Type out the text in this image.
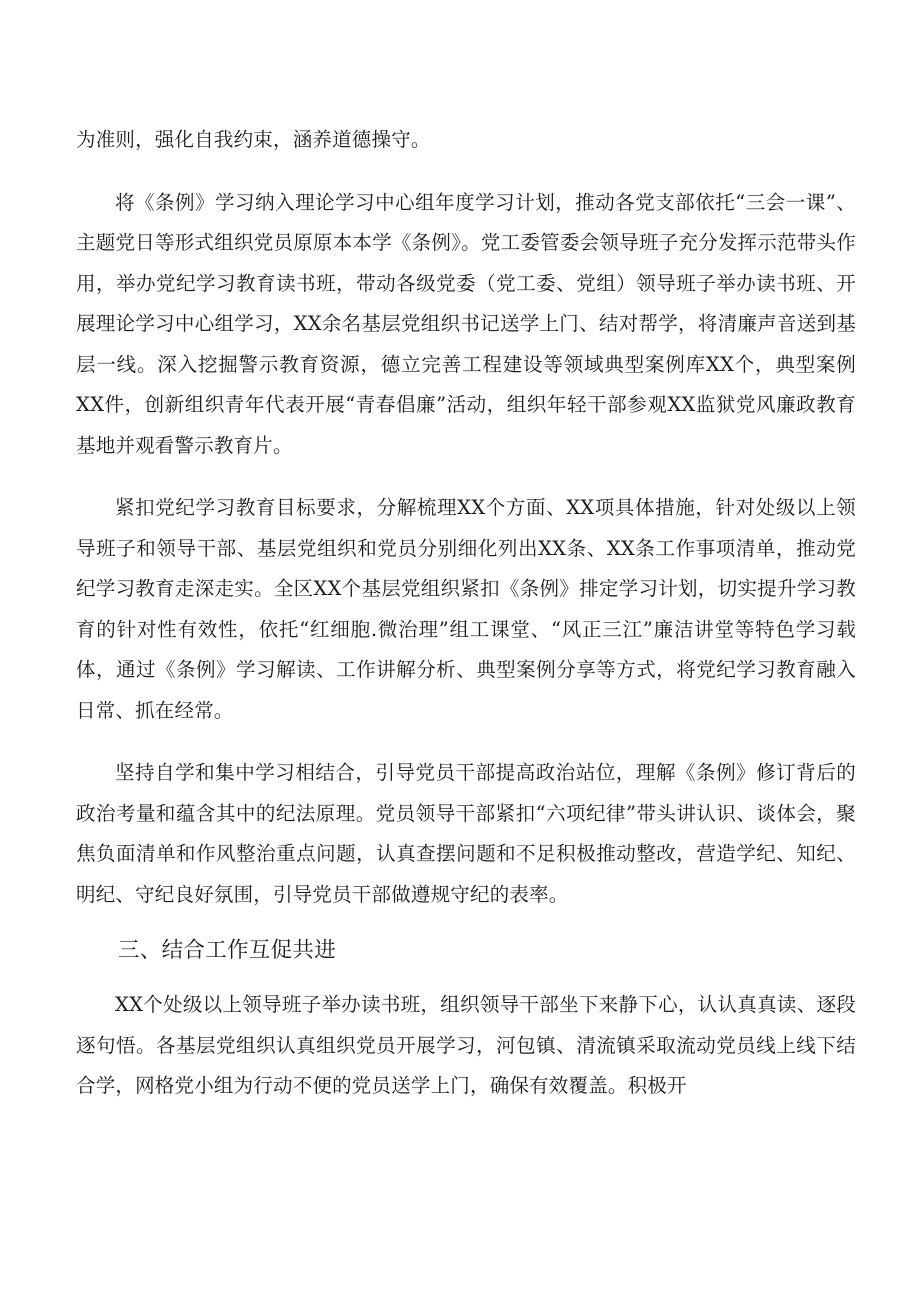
为准则，强化自我约束，涵养道德操守。

将《条例》学习纳入理论学习中心组年度学习计划，推动各党支部依托“三会一课”、主题党日等形式组织党员原原本本学《条例》。党工委管委会领导班子充分发挥示范带头作用，举办党纪学习教育读书班，带动各级党委（党工委、党组）领导班子举办读书班、开展理论学习中心组学习，XX余名基层党组织书记送学上门、结对帮学，将清廉声音送到基层一线。深入挖掘警示教育资源，德立完善工程建设等领域典型案例库XX个，典型案例XX件，创新组织青年代表开展“青春倡廉”活动，组织年轻干部参观XX监狱党风廉政教育基地并观看警示教育片。

紧扣党纪学习教育目标要求，分解梳理XX个方面、XX项具体措施，针对处级以上领导班子和领导干部、基层党组织和党员分别细化列出XX条、XX条工作事项清单，推动党纪学习教育走深走实。全区XX个基层党组织紧扣《条例》排定学习计划，切实提升学习教育的针对性有效性，依托“红细胞.微治理”组工课堂、“风正三江”廉洁讲堂等特色学习载体，通过《条例》学习解读、工作讲解分析、典型案例分享等方式，将党纪学习教育融入日常、抓在经常。

坚持自学和集中学习相结合，引导党员干部提高政治站位，理解《条例》修订背后的政治考量和蕴含其中的纪法原理。党员领导干部紧扣“六项纪律”带头讲认识、谈体会，聚焦负面清单和作风整治重点问题，认真查摆问题和不足积极推动整改，营造学纪、知纪、明纪、守纪良好氛围，引导党员干部做遵规守纪的表率。

三、结合工作互促共进

XX个处级以上领导班子举办读书班，组织领导干部坐下来静下心，认认真真读、逐段逐句悟。各基层党组织认真组织党员开展学习，河包镇、清流镇采取流动党员线上线下结合学，网格党小组为行动不便的党员送学上门，确保有效覆盖。积极开
